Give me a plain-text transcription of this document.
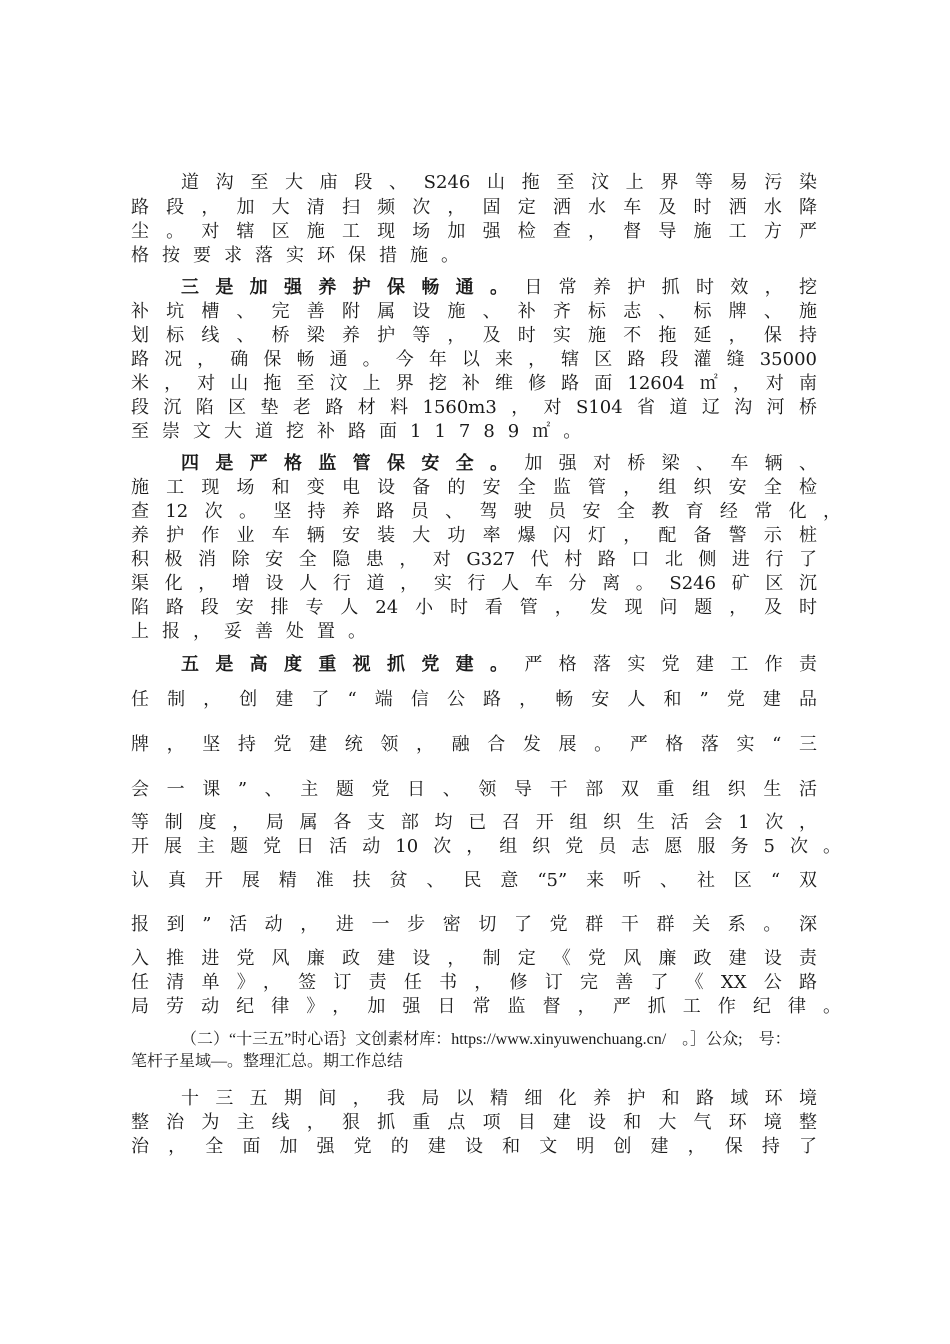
道沟至大庙段、S246山拖至汶上界等易污染
路段，加大清扫频次，固定洒水车及时洒水降
尘。对辖区施工现场加强检查，督导施工方严
格按要求落实环保措施。
三是加强养护保畅通。日常养护抓时效，挖
补坑槽、完善附属设施、补齐标志、标牌、施
划标线、桥梁养护等，及时实施不拖延，保持
路况，确保畅通。今年以来，辖区路段灌缝35000
米，对山拖至汶上界挖补维修路面12604㎡，对南
段沉陷区垫老路材料1560m3，对S104省道辽沟河桥
至崇文大道挖补路面11789㎡。
四是严格监管保安全。加强对桥梁、车辆、
施工现场和变电设备的安全监管，组织安全检
查12次。坚持养路员、驾驶员安全教育经常化，
养护作业车辆安装大功率爆闪灯，配备警示桩
积极消除安全隐患，对G327代村路口北侧进行了
渠化，增设人行道，实行人车分离。S246矿区沉
陷路段安排专人24小时看管，发现问题，及时
上报，妥善处置。
五是高度重视抓党建。严格落实党建工作责
任制，创建了“端信公路，畅安人和”党建品
牌，坚持党建统领，融合发展。严格落实“三
会一课”、主题党日、领导干部双重组织生活
等制度，局属各支部均已召开组织生活会1次，
开展主题党日活动10次，组织党员志愿服务5次。
认真开展精准扶贫、民意“5”来听、社区“双
报到”活动，进一步密切了党群干群关系。深
入推进党风廉政建设，制定《党风廉政建设责
任清单》，签订责任书，修订完善了《XX公路
局劳动纪律》，加强日常监督，严抓工作纪律。
（二）“十三五”时心语｝文创素材库：https://www.xinyuwenchuang.cn/　。］公众;　号：
笔杆子星域—。整理汇总。期工作总结
十三五期间，我局以精细化养护和路域环境
整治为主线，狠抓重点项目建设和大气环境整
治，全面加强党的建设和文明创建，保持了
